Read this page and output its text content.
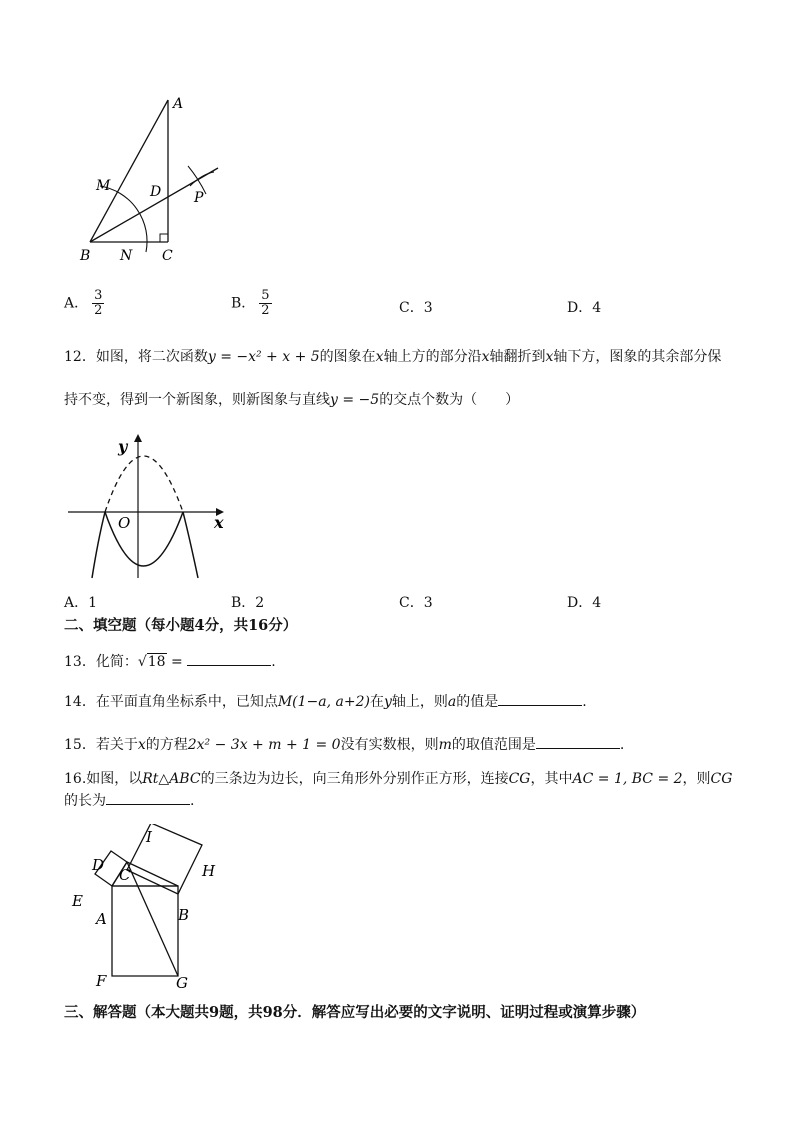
A
M	D P
B N C
A． $\frac{3}{2}$	B． $\frac{5}{2}$	C．3	D．4
12．如图，将二次函数y = −x² + x + 5的图象在x轴上方的部分沿x轴翻折到x轴下方，图象的其余部分保
持不变，得到一个新图象，则新图象与直线y = −5的交点个数为（　　）
y
x
O
A．1	B．2	C．3	D．4
二、填空题（每小题4分，共16分）
13．化简：√18 =	.
14．在平面直角坐标系中，已知点M(1−a, a+2)在y轴上，则a的值是	.
15．若关于x的方程2x² − 3x + m + 1 = 0没有实数根，则m的取值范围是	.
16.如图，以Rt△ABC的三条边为边长，向三角形外分别作正方形，连接CG，其中AC = 1, BC = 2，则CG
的长为	.
I
D
C	H
E
A	B
F	G
三、解答题（本大题共9题，共98分．解答应写出必要的文字说明、证明过程或演算步骤）
